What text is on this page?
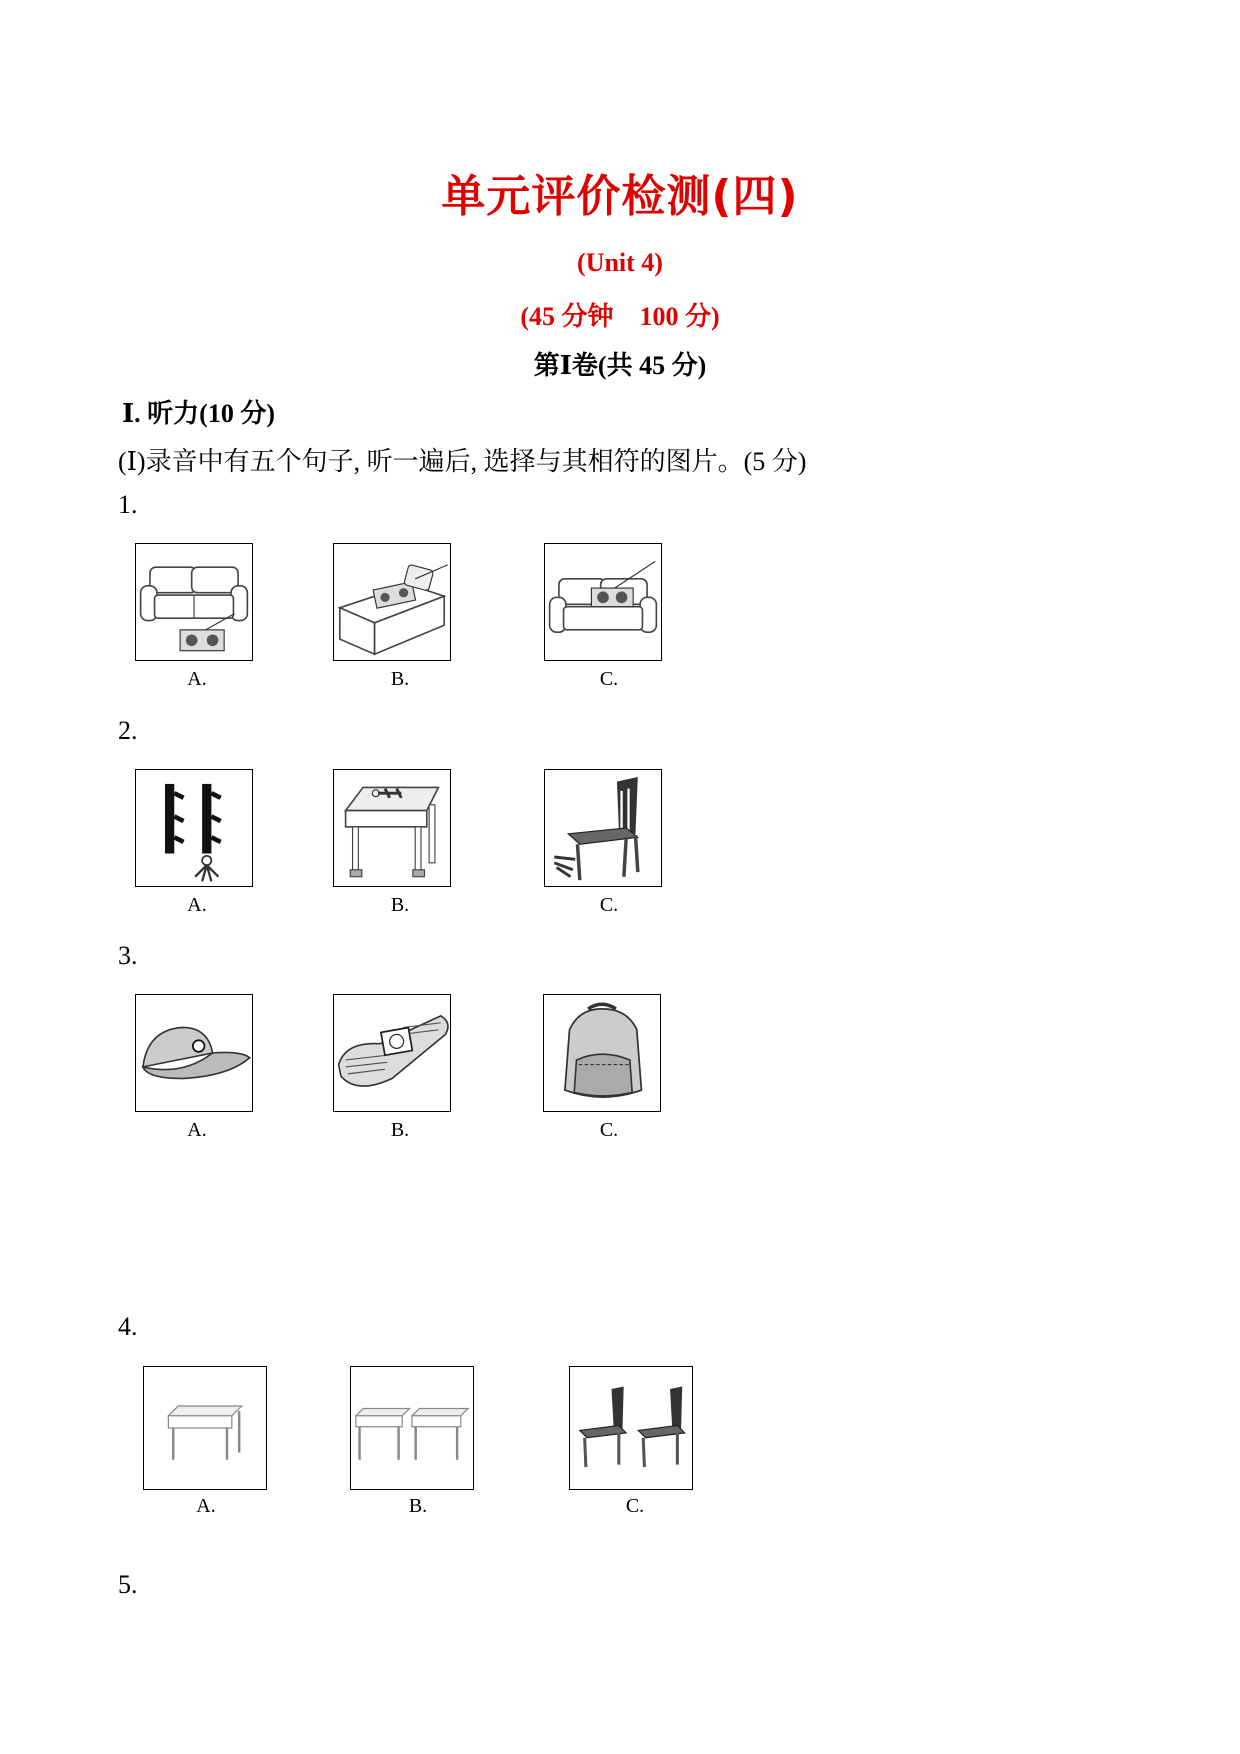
单元评价检测(四)
(Unit 4)
(45 分钟    100 分)
第Ⅰ卷(共 45 分)
Ⅰ. 听力(10 分)
(Ⅰ)录音中有五个句子, 听一遍后, 选择与其相符的图片。(5 分)
1.
A.	B.	C.
2.
A.	B.	C.
3.
A.	B.	C.
4.
A.	B.	C.
5.
